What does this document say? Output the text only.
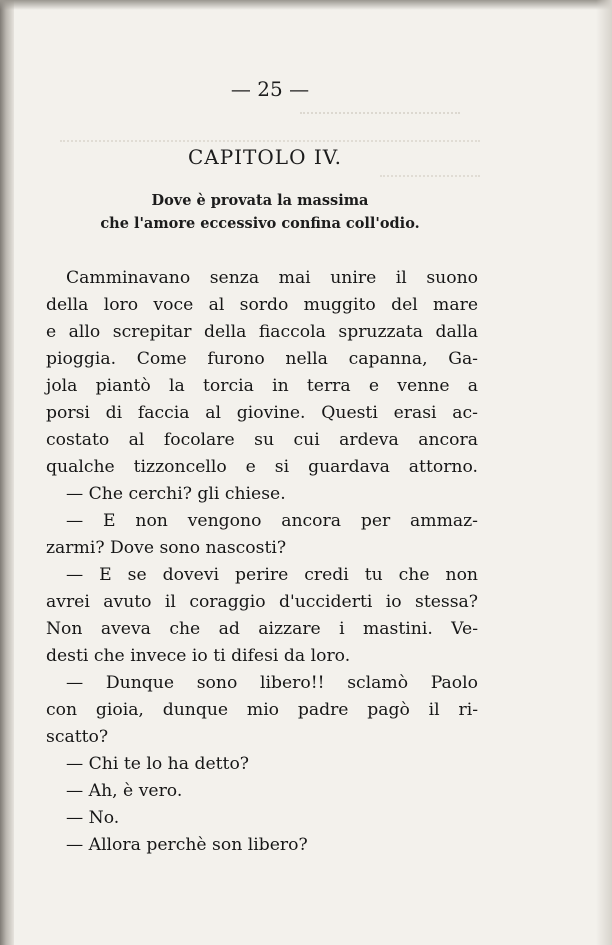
— 25 —
CAPITOLO IV.
Dove è provata la massima
che l'amore eccessivo confina coll'odio.
Camminavano senza mai unire il suono
della loro voce al sordo muggito del mare
e allo screpitar della fiaccola spruzzata dalla
pioggia. Come furono nella capanna, Ga-
jola piantò la torcia in terra e venne a
porsi di faccia al giovine. Questi erasi ac-
costato al focolare su cui ardeva ancora
qualche tizzoncello e si guardava attorno.
— Che cerchi? gli chiese.
— E non vengono ancora per ammaz-
zarmi? Dove sono nascosti?
— E se dovevi perire credi tu che non
avrei avuto il coraggio d'ucciderti io stessa?
Non aveva che ad aizzare i mastini. Ve-
desti che invece io ti difesi da loro.
— Dunque sono libero!! sclamò Paolo
con gioia, dunque mio padre pagò il ri-
scatto?
— Chi te lo ha detto?
— Ah, è vero.
— No.
— Allora perchè son libero?
